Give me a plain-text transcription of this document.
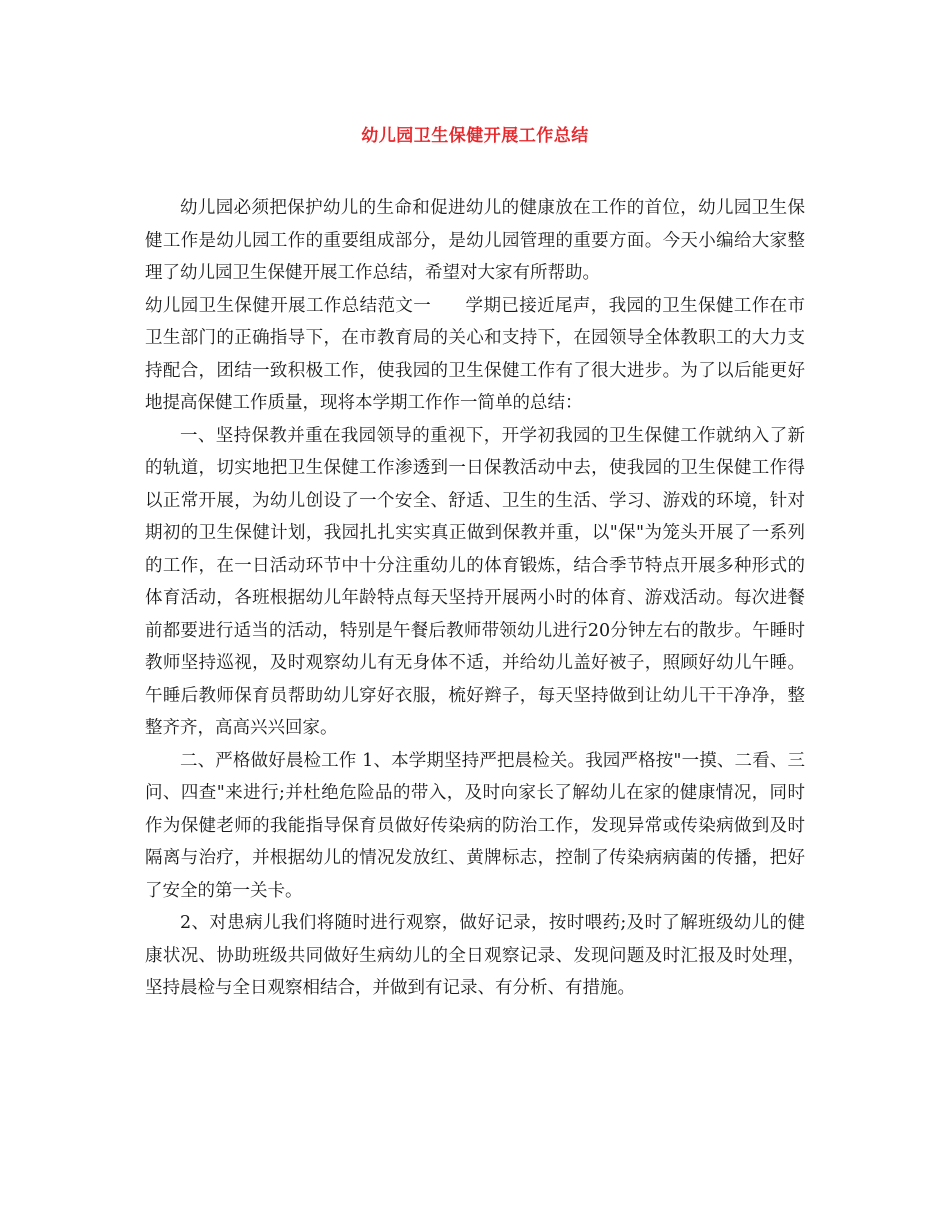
幼儿园卫生保健开展工作总结

幼儿园必须把保护幼儿的生命和促进幼儿的健康放在工作的首位，幼儿园卫生保健工作是幼儿园工作的重要组成部分，是幼儿园管理的重要方面。今天小编给大家整理了幼儿园卫生保健开展工作总结，希望对大家有所帮助。

幼儿园卫生保健开展工作总结范文一 学期已接近尾声，我园的卫生保健工作在市卫生部门的正确指导下，在市教育局的关心和支持下，在园领导全体教职工的大力支持配合，团结一致积极工作，使我园的卫生保健工作有了很大进步。为了以后能更好地提高保健工作质量，现将本学期工作作一简单的总结：

一、坚持保教并重在我园领导的重视下，开学初我园的卫生保健工作就纳入了新的轨道，切实地把卫生保健工作渗透到一日保教活动中去，使我园的卫生保健工作得以正常开展，为幼儿创设了一个安全、舒适、卫生的生活、学习、游戏的环境，针对期初的卫生保健计划，我园扎扎实实真正做到保教并重，以"保"为笼头开展了一系列的工作，在一日活动环节中十分注重幼儿的体育锻炼，结合季节特点开展多种形式的体育活动，各班根据幼儿年龄特点每天坚持开展两小时的体育、游戏活动。每次进餐前都要进行适当的活动，特别是午餐后教师带领幼儿进行20分钟左右的散步。午睡时教师坚持巡视，及时观察幼儿有无身体不适，并给幼儿盖好被子，照顾好幼儿午睡。午睡后教师保育员帮助幼儿穿好衣服，梳好辫子，每天坚持做到让幼儿干干净净，整整齐齐，高高兴兴回家。

二、严格做好晨检工作 1、本学期坚持严把晨检关。我园严格按"一摸、二看、三问、四查"来进行;并杜绝危险品的带入，及时向家长了解幼儿在家的健康情况，同时作为保健老师的我能指导保育员做好传染病的防治工作，发现异常或传染病做到及时隔离与治疗，并根据幼儿的情况发放红、黄牌标志，控制了传染病病菌的传播，把好了安全的第一关卡。

2、对患病儿我们将随时进行观察，做好记录，按时喂药;及时了解班级幼儿的健康状况、协助班级共同做好生病幼儿的全日观察记录、发现问题及时汇报及时处理，坚持晨检与全日观察相结合，并做到有记录、有分析、有措施。
